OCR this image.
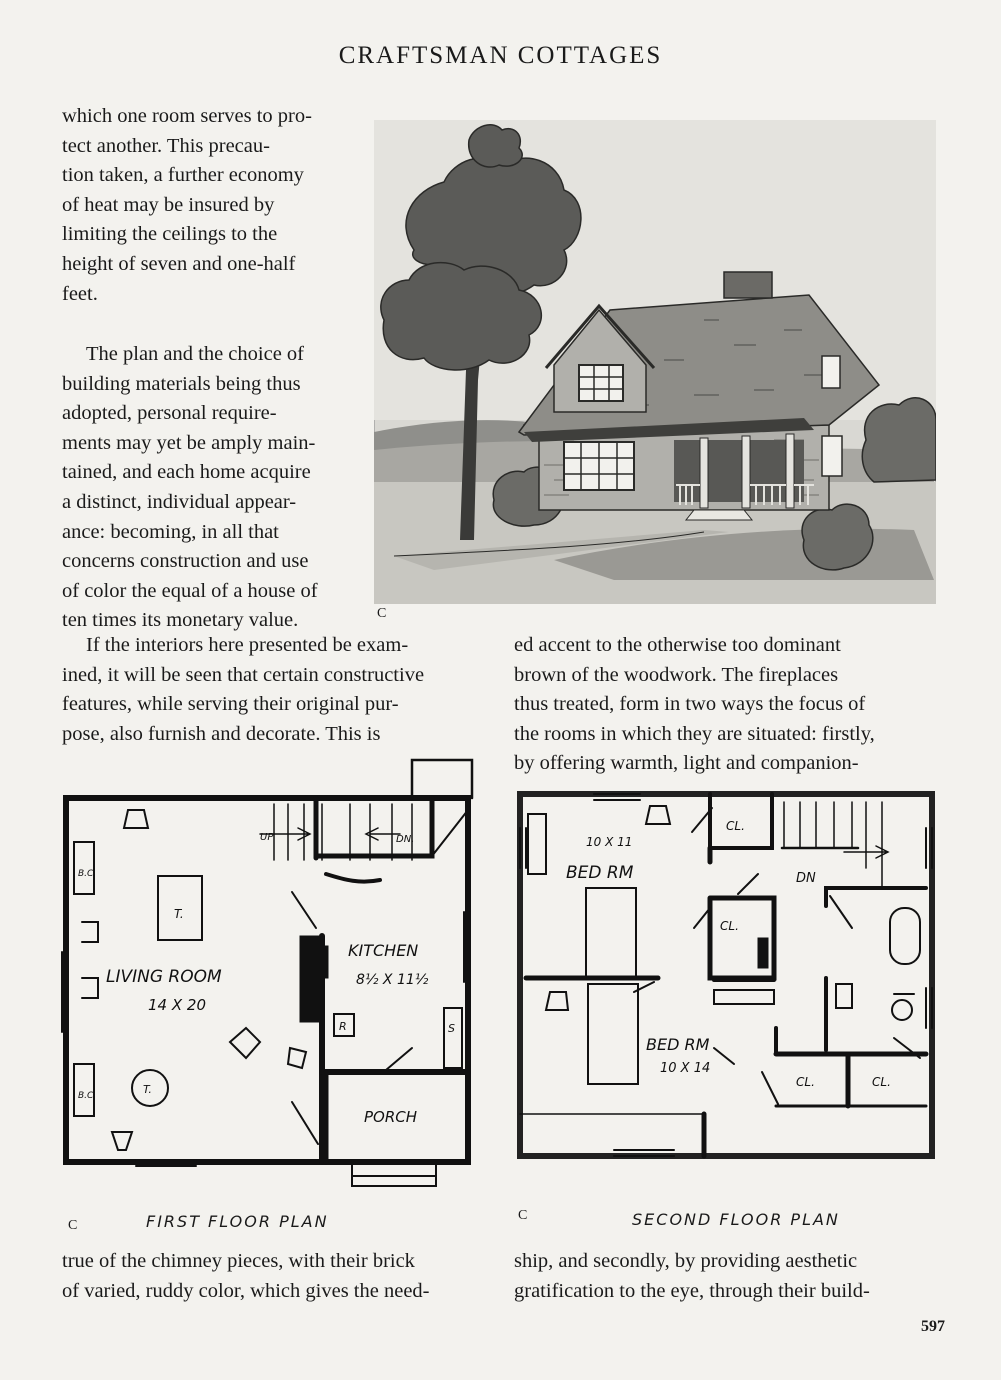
CRAFTSMAN COTTAGES
which one room serves to pro-
tect another. This precau-
tion taken, a further economy
of heat may be insured by
limiting the ceilings to the
height of seven and one-half
feet.
The plan and the choice of
building materials being thus
adopted, personal require-
ments may yet be amply main-
tained, and each home acquire
a distinct, individual appear-
ance: becoming, in all that
concerns construction and use
of color the equal of a house of
ten times its monetary value.	C
If the interiors here presented be exam-
ined, it will be seen that certain constructive
features, while serving their original pur-
pose, also furnish and decorate. This is
ed accent to the otherwise too dominant
brown of the woodwork. The fireplaces
thus treated, form in two ways the focus of
the rooms in which they are situated: firstly,
by offering warmth, light and companion-
B.C.
B.C.
T.
T.
UP	DN.
LIVING ROOM
14 X 20
KITCHEN
8½ X 11½
R	S
PORCH
10 X 11
BED RM	DN
CL.
CL.
BED RM
10 X 14
CL.	CL.
C	FIRST FLOOR PLAN	C	SECOND FLOOR PLAN
true of the chimney pieces, with their brick
of varied, ruddy color, which gives the need-
ship, and secondly, by providing aesthetic
gratification to the eye, through their build-
597
